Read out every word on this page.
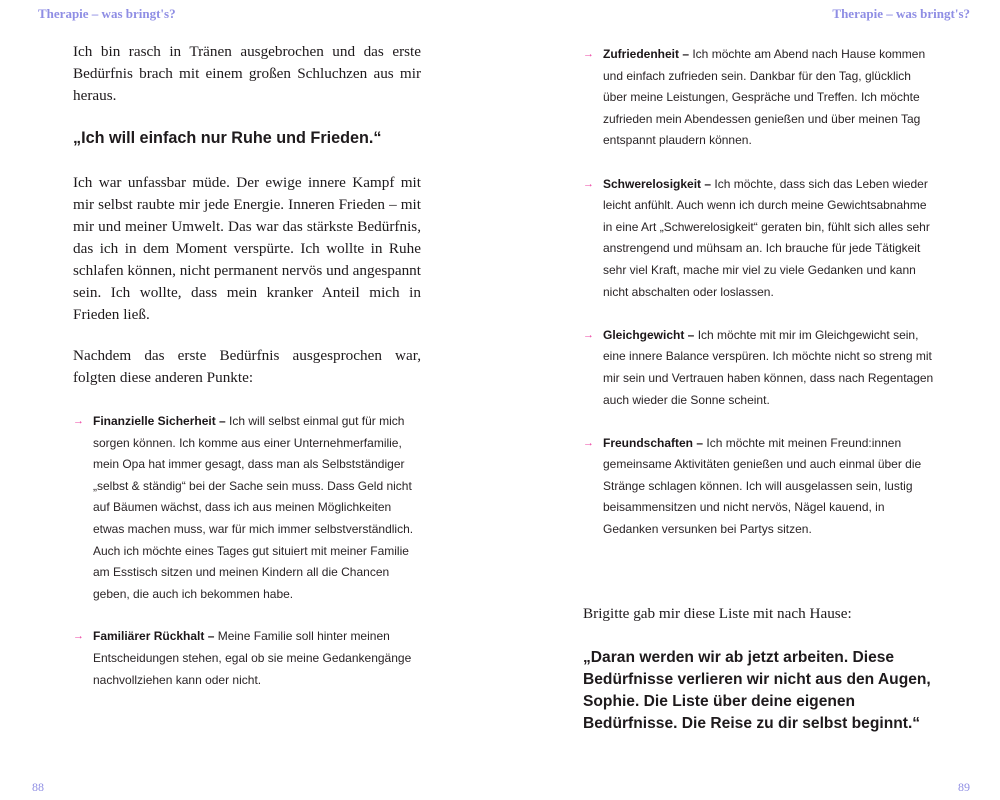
Therapie – was bringt's?

Ich bin rasch in Tränen ausgebrochen und das erste Bedürfnis brach mit einem großen Schluchzen aus mir heraus.

„Ich will einfach nur Ruhe und Frieden.“

Ich war unfassbar müde. Der ewige innere Kampf mit mir selbst raubte mir jede Energie. Inneren Frieden – mit mir und meiner Umwelt. Das war das stärkste Bedürfnis, das ich in dem Moment verspürte. Ich wollte in Ruhe schlafen können, nicht permanent nervös und angespannt sein. Ich wollte, dass mein kranker Anteil mich in Frieden ließ.

Nachdem das erste Bedürfnis ausgesprochen war, folgten diese anderen Punkte:

→ Finanzielle Sicherheit – Ich will selbst einmal gut für mich sorgen können. Ich komme aus einer Unternehmerfamilie, mein Opa hat immer gesagt, dass man als Selbstständiger „selbst & ständig“ bei der Sache sein muss. Dass Geld nicht auf Bäumen wächst, dass ich aus meinen Möglichkeiten etwas machen muss, war für mich immer selbstverständlich. Auch ich möchte eines Tages gut situiert mit meiner Familie am Esstisch sitzen und meinen Kindern all die Chancen geben, die auch ich bekommen habe.
→ Familiärer Rückhalt – Meine Familie soll hinter meinen Entscheidungen stehen, egal ob sie meine Gedankengänge nachvollziehen kann oder nicht.
88
Therapie – was bringt's?
→ Zufriedenheit – Ich möchte am Abend nach Hause kommen und einfach zufrieden sein. Dankbar für den Tag, glücklich über meine Leistungen, Gespräche und Treffen. Ich möchte zufrieden mein Abendessen genießen und über meinen Tag entspannt plaudern können.
→ Schwerelosigkeit – Ich möchte, dass sich das Leben wieder leicht anfühlt. Auch wenn ich durch meine Gewichtsabnahme in eine Art „Schwerelosigkeit“ geraten bin, fühlt sich alles sehr anstrengend und mühsam an. Ich brauche für jede Tätigkeit sehr viel Kraft, mache mir viel zu viele Gedanken und kann nicht abschalten oder loslassen.
→ Gleichgewicht – Ich möchte mit mir im Gleichgewicht sein, eine innere Balance verspüren. Ich möchte nicht so streng mit mir sein und Vertrauen haben können, dass nach Regentagen auch wieder die Sonne scheint.
→ Freundschaften – Ich möchte mit meinen Freund:innen gemeinsame Aktivitäten genießen und auch einmal über die Stränge schlagen können. Ich will ausgelassen sein, lustig beisammensitzen und nicht nervös, Nägel kauend, in Gedanken versunken bei Partys sitzen.

Brigitte gab mir diese Liste mit nach Hause:

„Daran werden wir ab jetzt arbeiten. Diese Bedürfnisse verlieren wir nicht aus den Augen, Sophie. Die Liste über deine eigenen Bedürfnisse. Die Reise zu dir selbst beginnt.“

89
